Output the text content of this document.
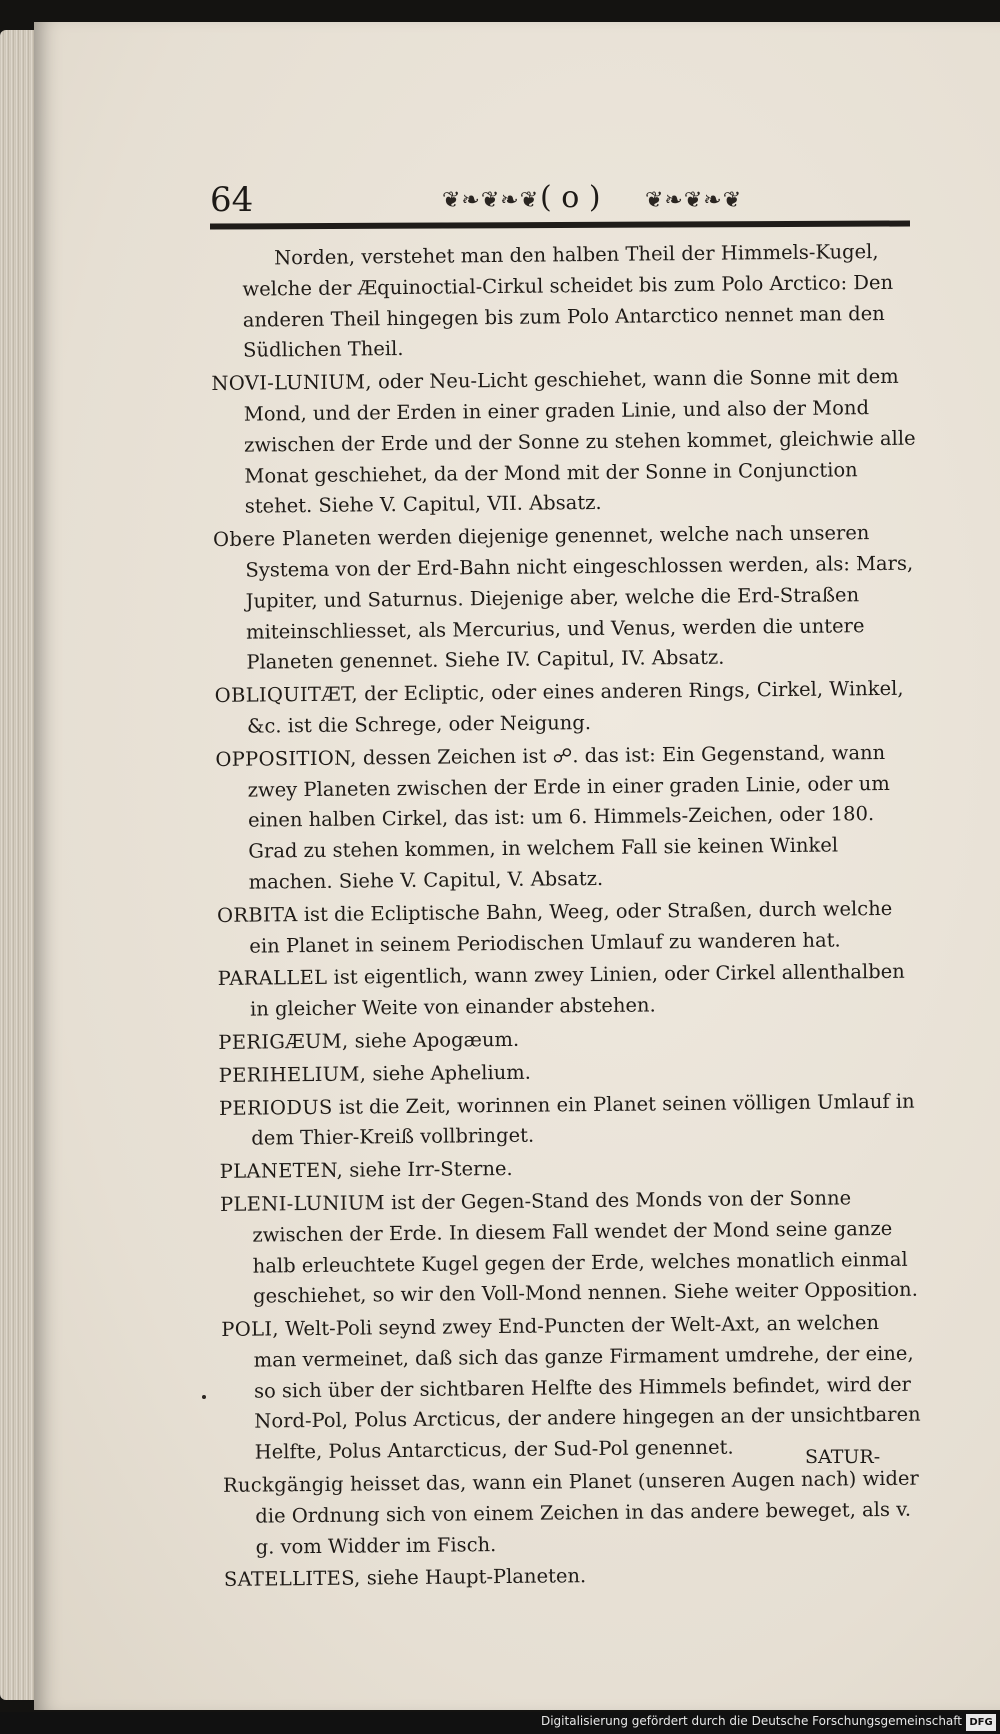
64	❦❧❦❧❦ ( o ) ❦❧❦❧❦
Norden, verstehet man den halben Theil der Himmels-Kugel, welche der Æquinoctial-Cirkul scheidet bis zum Polo Arctico: Den anderen Theil hingegen bis zum Polo Antarctico nennet man den Südlichen Theil.
NOVI-LUNIUM, oder Neu-Licht geschiehet, wann die Sonne mit dem Mond, und der Erden in einer graden Linie, und also der Mond zwischen der Erde und der Sonne zu stehen kommet, gleichwie alle Monat geschiehet, da der Mond mit der Sonne in Conjunction stehet. Siehe V. Capitul, VII. Absatz.
Obere Planeten werden diejenige genennet, welche nach unseren Systema von der Erd-Bahn nicht eingeschlossen werden, als: Mars, Jupiter, und Saturnus. Diejenige aber, welche die Erd-Straßen miteinschliesset, als Mercurius, und Venus, werden die untere Planeten genennet. Siehe IV. Capitul, IV. Absatz.
OBLIQUITÆT, der Ecliptic, oder eines anderen Rings, Cirkel, Winkel, &c. ist die Schrege, oder Neigung.
OPPOSITION, dessen Zeichen ist ☍. das ist: Ein Gegenstand, wann zwey Planeten zwischen der Erde in einer graden Linie, oder um einen halben Cirkel, das ist: um 6. Himmels-Zeichen, oder 180. Grad zu stehen kommen, in welchem Fall sie keinen Winkel machen. Siehe V. Capitul, V. Absatz.
ORBITA ist die Ecliptische Bahn, Weeg, oder Straßen, durch welche ein Planet in seinem Periodischen Umlauf zu wanderen hat.
PARALLEL ist eigentlich, wann zwey Linien, oder Cirkel allenthalben in gleicher Weite von einander abstehen.
PERIGÆUM, siehe Apogæum.
PERIHELIUM, siehe Aphelium.
PERIODUS ist die Zeit, worinnen ein Planet seinen völligen Umlauf in dem Thier-Kreiß vollbringet.
PLANETEN, siehe Irr-Sterne.
PLENI-LUNIUM ist der Gegen-Stand des Monds von der Sonne zwischen der Erde. In diesem Fall wendet der Mond seine ganze halb erleuchtete Kugel gegen der Erde, welches monatlich einmal geschiehet, so wir den Voll-Mond nennen. Siehe weiter Opposition.
POLI, Welt-Poli seynd zwey End-Puncten der Welt-Axt, an welchen man vermeinet, daß sich das ganze Firmament umdrehe, der eine, so sich über der sichtbaren Helfte des Himmels befindet, wird der Nord-Pol, Polus Arcticus, der andere hingegen an der unsichtbaren Helfte, Polus Antarcticus, der Sud-Pol genennet.
Ruckgängig heisset das, wann ein Planet (unseren Augen nach) wider die Ordnung sich von einem Zeichen in das andere beweget, als v. g. vom Widder im Fisch.
SATELLITES, siehe Haupt-Planeten.
SATUR-
Digitalisierung gefördert durch die Deutsche Forschungsgemeinschaft DFG
